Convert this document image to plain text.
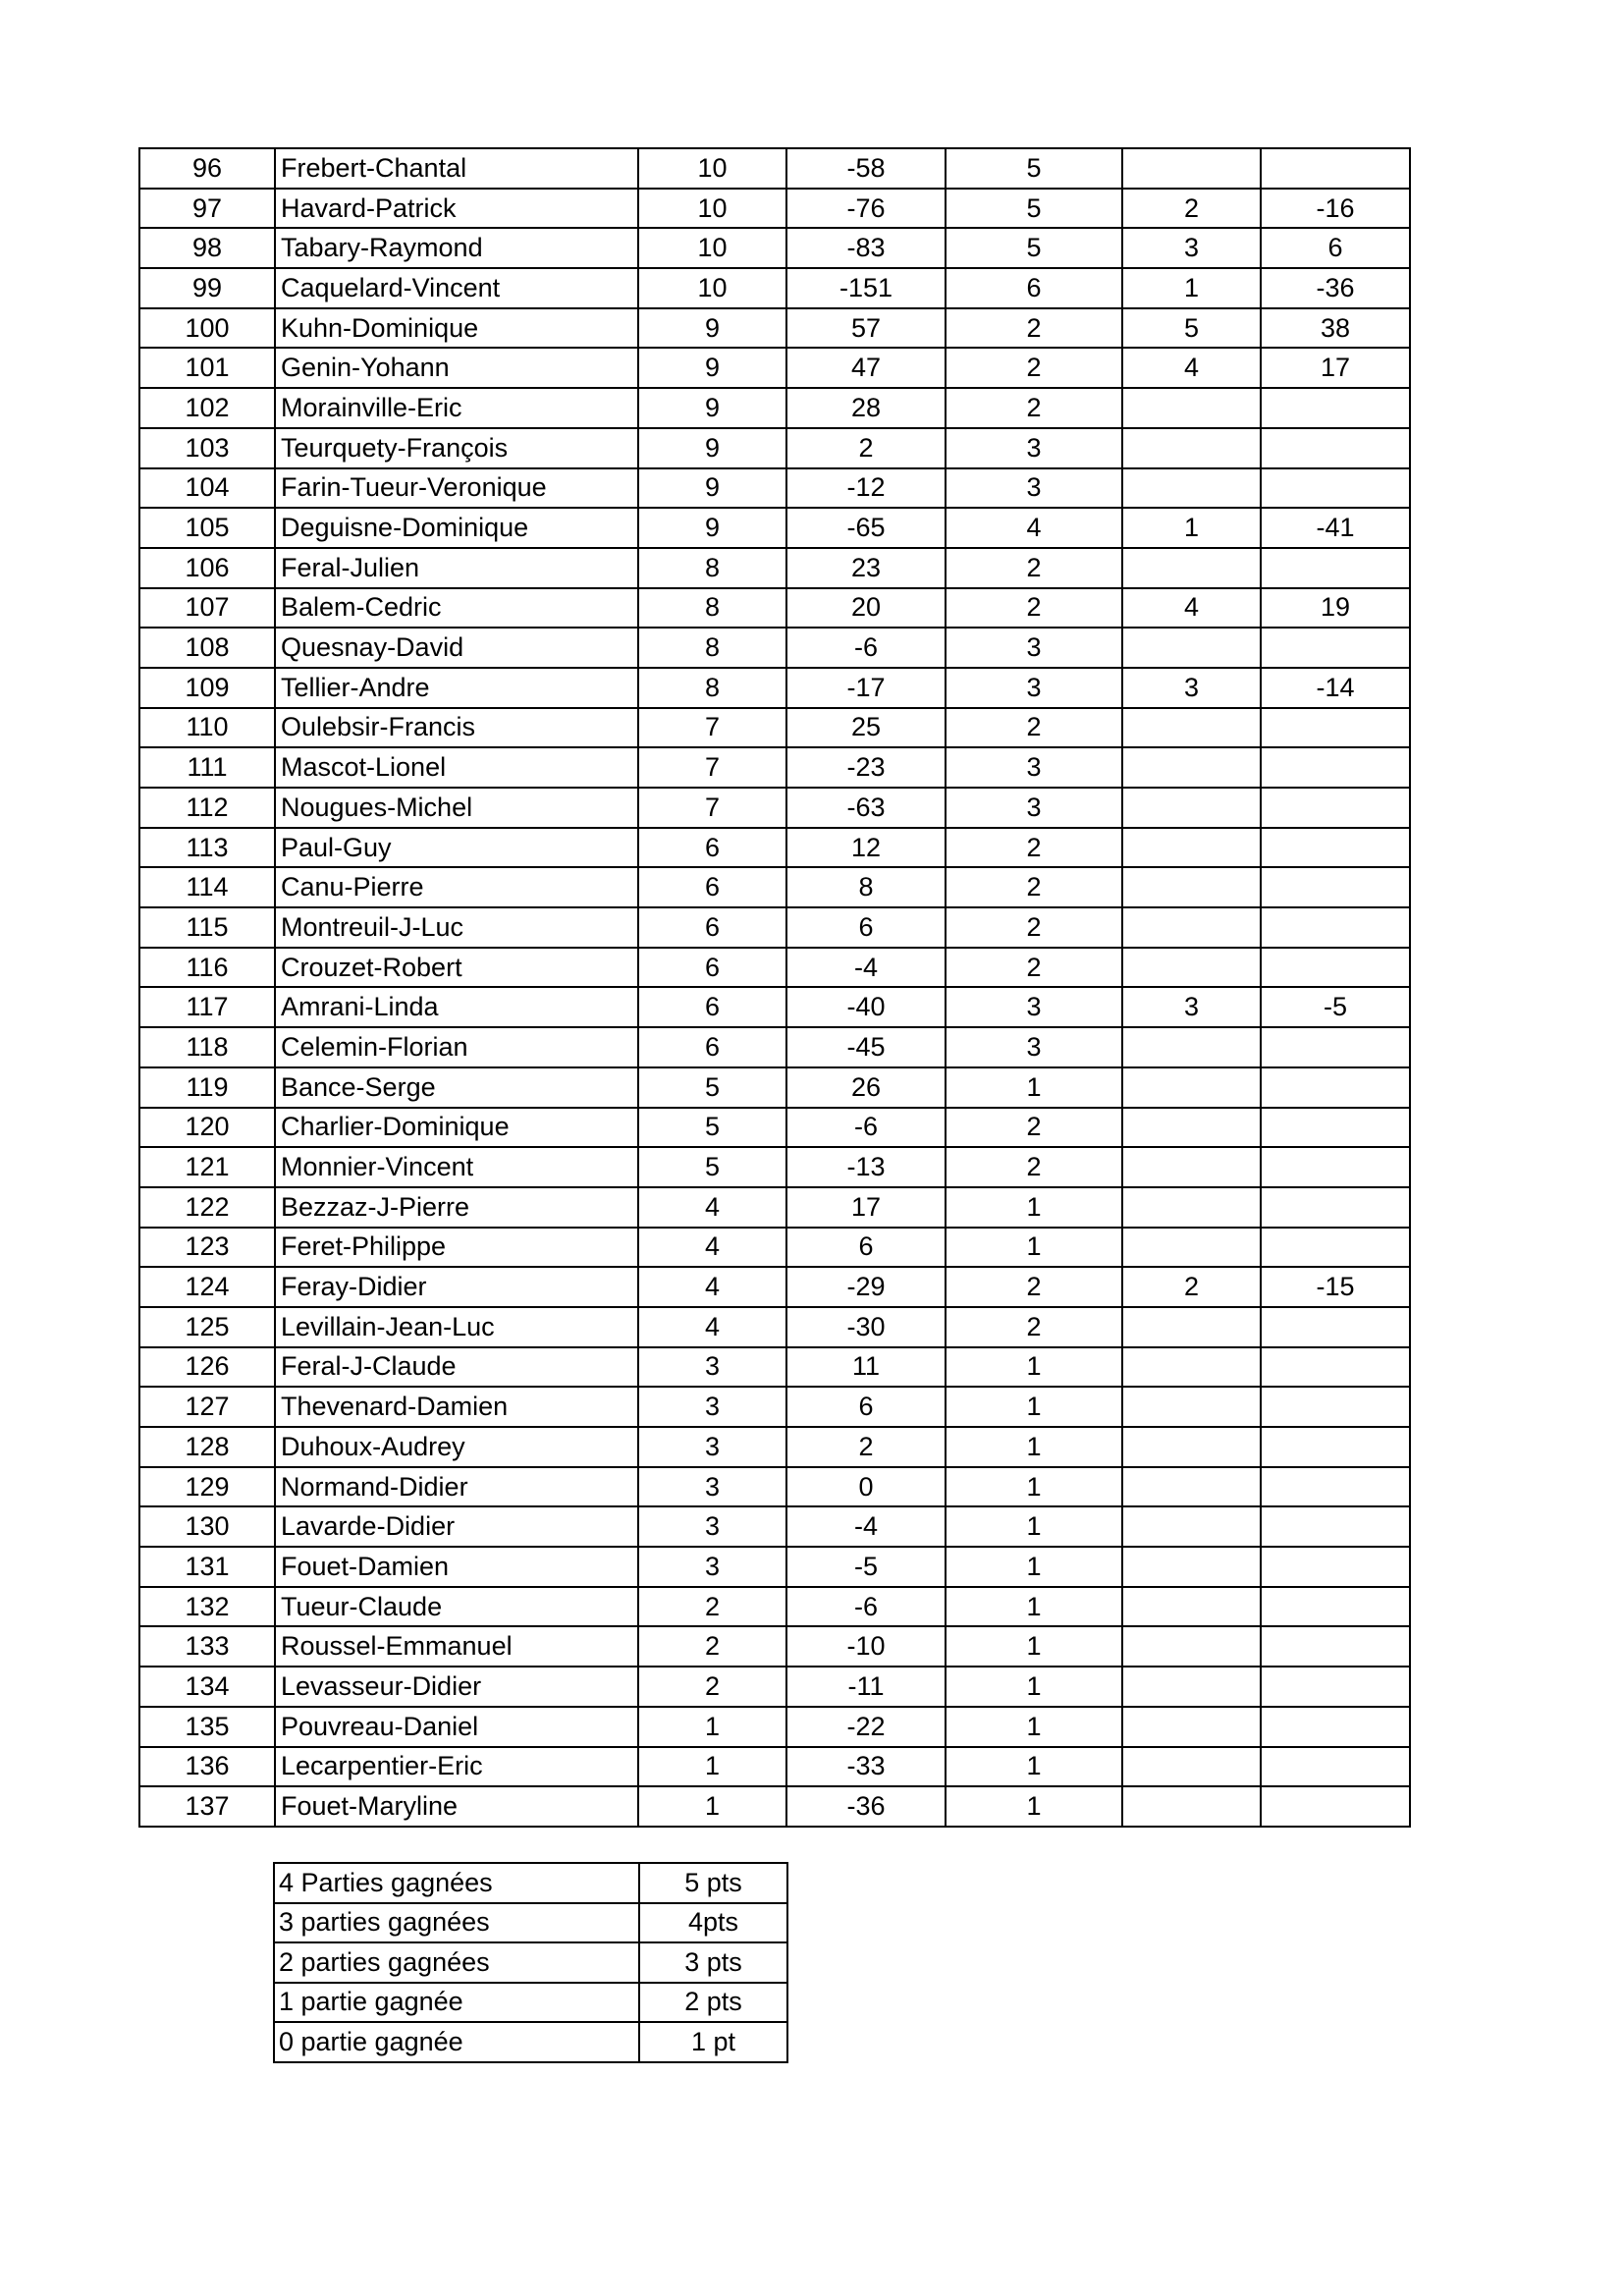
96	Frebert-Chantal	10	-58	5		
97	Havard-Patrick	10	-76	5	2	-16
98	Tabary-Raymond	10	-83	5	3	6
99	Caquelard-Vincent	10	-151	6	1	-36
100	Kuhn-Dominique	9	57	2	5	38
101	Genin-Yohann	9	47	2	4	17
102	Morainville-Eric	9	28	2		
103	Teurquety-François	9	2	3		
104	Farin-Tueur-Veronique	9	-12	3		
105	Deguisne-Dominique	9	-65	4	1	-41
106	Feral-Julien	8	23	2		
107	Balem-Cedric	8	20	2	4	19
108	Quesnay-David	8	-6	3		
109	Tellier-Andre	8	-17	3	3	-14
110	Oulebsir-Francis	7	25	2		
111	Mascot-Lionel	7	-23	3		
112	Nougues-Michel	7	-63	3		
113	Paul-Guy	6	12	2		
114	Canu-Pierre	6	8	2		
115	Montreuil-J-Luc	6	6	2		
116	Crouzet-Robert	6	-4	2		
117	Amrani-Linda	6	-40	3	3	-5
118	Celemin-Florian	6	-45	3		
119	Bance-Serge	5	26	1		
120	Charlier-Dominique	5	-6	2		
121	Monnier-Vincent	5	-13	2		
122	Bezzaz-J-Pierre	4	17	1		
123	Feret-Philippe	4	6	1		
124	Feray-Didier	4	-29	2	2	-15
125	Levillain-Jean-Luc	4	-30	2		
126	Feral-J-Claude	3	11	1		
127	Thevenard-Damien	3	6	1		
128	Duhoux-Audrey	3	2	1		
129	Normand-Didier	3	0	1		
130	Lavarde-Didier	3	-4	1		
131	Fouet-Damien	3	-5	1		
132	Tueur-Claude	2	-6	1		
133	Roussel-Emmanuel	2	-10	1		
134	Levasseur-Didier	2	-11	1		
135	Pouvreau-Daniel	1	-22	1		
136	Lecarpentier-Eric	1	-33	1		
137	Fouet-Maryline	1	-36	1		
4 Parties gagnées	5 pts
3 parties gagnées	4pts
2 parties gagnées	3 pts
1 partie gagnée	2 pts
0 partie gagnée	1 pt
